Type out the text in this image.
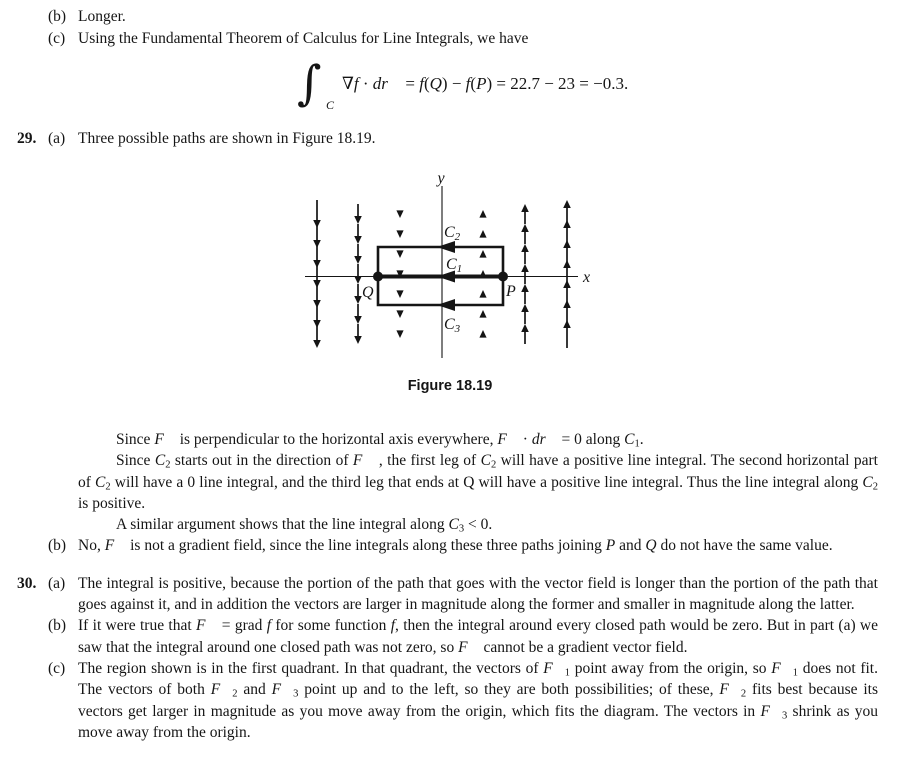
(b) Longer.
(c) Using the Fundamental Theorem of Calculus for Line Integrals, we have
∫ C
∇f · dr⃗ = f(Q) − f(P) = 22.7 − 23 = −0.3.
29. (a) Three possible paths are shown in Figure 18.19.
y
x
Q	P
C2
C1
C3
Figure 18.19
Since F⃗ is perpendicular to the horizontal axis everywhere, F⃗ · dr⃗ = 0 along $C_1$.
Since $C_2$ starts out in the direction of F⃗ , the first leg of $C_2$ will have a positive line integral. The second horizontal part of $C_2$ will have a 0 line integral, and the third leg that ends at Q will have a positive line integral. Thus the line integral along $C_2$ is positive.
A similar argument shows that the line integral along $C_3 < 0$.
(b) No, F⃗ is not a gradient field, since the line integrals along these three paths joining P and Q do not have the same value.
30. (a) The integral is positive, because the portion of the path that goes with the vector field is longer than the portion of the path that goes against it, and in addition the vectors are larger in magnitude along the former and smaller in magnitude along the latter.
(b) If it were true that F⃗ = grad f for some function f, then the integral around every closed path would be zero. But in part (a) we saw that the integral around one closed path was not zero, so F⃗ cannot be a gradient vector field.
(c) The region shown is in the first quadrant. In that quadrant, the vectors of $F⃗_1$ point away from the origin, so $F⃗_1$ does not fit. The vectors of both $F⃗_2$ and $F⃗_3$ point up and to the left, so they are both possibilities; of these, $F⃗_2$ fits best because its vectors get larger in magnitude as you move away from the origin, which fits the diagram. The vectors in $F⃗_3$ shrink as you move away from the origin.
